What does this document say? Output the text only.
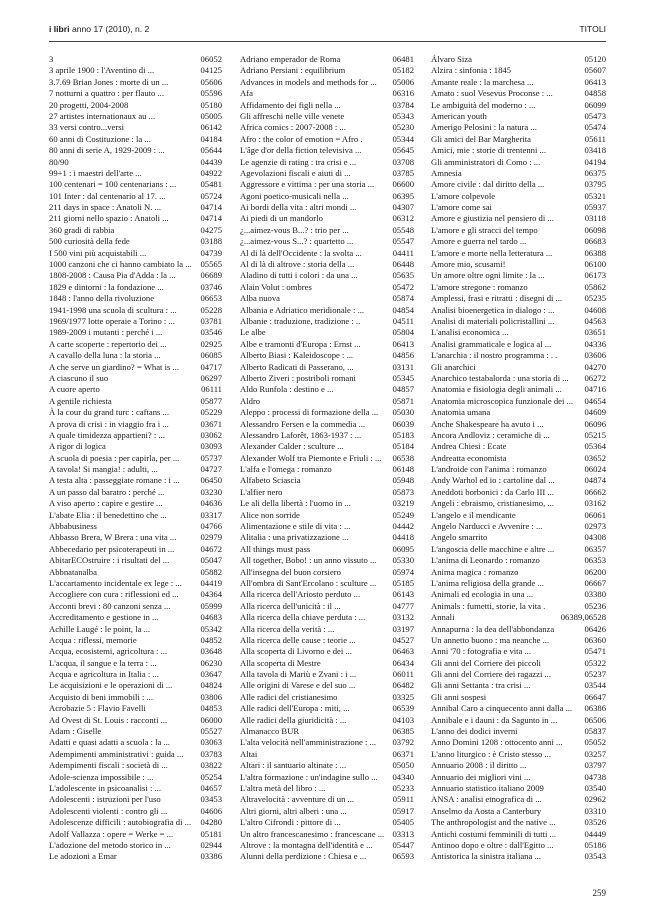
i libri anno 17 (2010), n. 2	TITOLI
3	06052
3 aprile 1900 : l'Aventino di ...	04125
3.7.69 Brian Jones : morte di un ...	05606
7 notturni a quattro : per flauto ...	05596
20 progetti, 2004-2008	05180
27 artistes internationaux au ...	05005
33 versi contro...versi	06142
60 anni di Costituzione : la ...	04184
80 anni di serie A, 1929-2009 : ...	05644
80/90	04439
99+1 : i maestri dell'arte ...	04922
100 centenari = 100 centenarians : ...	05481
101 Inter : dal centenario al 17. ...	05724
211 days in space : Anatoli N. ...	04714
211 giorni nello spazio : Anatoli ...	04714
360 gradi di rabbia	04275
500 curiosità della fede	03188
I 500 vini più acquistabili ...	04739
1000 canzoni che ci hanno cambiato la ... 05565
1808-2008 : Causa Pia d'Adda : la ...	06689
1829 e dintorni : la fondazione ...	03746
1848 : l'anno della rivoluzione	06653
1941-1998 una scuola di scultura : ...	05228
1969/1977 lotte operaie a Torino : ...	03781
1989-2009 i mutanti : perché i ...	03546
A carte scoperte : repertorio dei ...	02925
A cavallo della luna : la storia ...	06085
A che serve un giardino? = What is ... 04717
A ciascuno il suo	06297
A cuore aperto	06111
A gentile richiesta	05877
À la cour du grand turc : caftans ...	05229
A prova di crisi : in viaggio fra i ...	03671
A quale timidezza appartieni? : ...	03062
A rigor di logica	03093
A scuola di poesia : per capirla, per ... 05737
A tavola! Si mangia! : adulti, ...	04727
A testa alta : passeggiate romane : i ... 06450
A un passo dal baratro : perché ...	03230
A viso aperto : capire e gestire ...	04636
L'abate Elia : il benedettino che ...	03317
Abbabusiness	04766
Abbasso Brera, W Brera : una vita ...	02979
Abbecedario per psicoterapeuti in ...	04672
AbitarECOstruire : i risultati del ...	05047
Abbnatanalba	05882
L'accartamento incidentale ex lege : ... 04419
Accogliere con cura : riflessioni ed ...	04364
Acconti brevi : 80 canzoni senza ...	05999
Accreditamento e gestione in ...	04683
Achille Laugé : le point, la ...	05342
Acqua : riflessi, memorie	04852
Acqua, ecosistemi, agricoltura : ...	03648
L'acqua, il sangue e la terra : ...	06230
Acqua e agricoltura in Italia : ...	03647
Le acquisizioni e le operazioni di ...	04824
Acquisto di beni immobili : ...	03806
Acrobazie 5 : Flavio Favelli	04853
Ad Ovest di St. Louis : racconti ...	06000
Adam : Giselle	05527
Adatti e quasi adatti a scuola : la ...	03063
Adempimenti amministrativi : guida ... 03783
Adempimenti fiscali : società di ...	03822
Adole-scienza impossibile : ...	05254
L'adolescente in psicoanalisi : ...	04657
Adolescenti : istruzioni per l'uso	03453
Adolescenti violenti : contro gli ...	04606
Adolescenze difficili : autobiografia di ... 04280
Adolf Vallazza : opere = Werke = ...	05181
L'adozione del metodo storico in ...	02944
Le adozioni a Emar	03386
Adriano emperador de Roma	06481
Adriano Persiani : equilibrium	05182
Advances in models and methods for ... 05006
Afa	06316
Affidamento dei figli nella ...	03784
Gli affreschi nelle ville venete	05343
Africa comics : 2007-2008 : ...	05230
Afro : the color of emotion = Afro .	05344
L'âge d'or della fiction televisiva ...	05645
Le agenzie di rating : tra crisi e ...	03708
Agevolazioni fiscali e aiuti di ...	03785
Aggressore e vittima : per una storia ... 06600
Agoni poetico-musicali nella ...	06395
Ai bordi della vita : altri mondi ...	04307
Ai piedi di un mandorlo	06312
¿...aimez-vous B...? : trio per ...	05548
¿...aimez-vous S...? : quartetto ...	05547
Al di là dell'Occidente : la svolta ...	04411
Al di là di altrove : storia della ...	06448
Aladino di tutti i colori : da una ...	05635
Alain Volut : ombres	05472
Alba nuova	05874
Albania e Adriatico meridionale : ...	04854
Albanie : traduzione, tradizione : ..	04511
Le albe	05804
Albe e tramonti d'Europa : Ernst ...	06413
Alberto Biasi : Kaleidoscope : ...	04856
Alberto Radicati di Passerano, ...	03131
Alberto Ziveri : postriboli romani	05345
Aldo Runfola : destino e ...	04857
Aldro	05871
Aleppo : processi di formazione della ... 05030
Alessandro Fersen e la commedia ...	06039
Alessandro Laforêt, 1863-1937 : ...	05183
Alexander Calder : sculture ...	05184
Alexander Wolf tra Piemonte e Friuli : ... 06538
L'alfa e l'omega : romanzo	06148
Alfabeto Sciascia	05948
L'alfier nero	05873
Le ali della libertà : l'uomo in ...	03219
Alice non sorride	05249
Alimentazione e stile di vita : ...	04442
Alitalia : una privatizzazione ...	04418
All things must pass	06095
All together, Bobo! : un anno vissuto ... 05330
All'insegna del buon corsiero	05974
All'ombra di Sant'Ercolano : sculture ... 05185
Alla ricerca dell'Ariosto perduto ...	06143
Alla ricerca dell'unicità : il ...	04777
Alla ricerca della chiave perduta : ...	03132
Alla ricerca della verità : ...	03197
Alla ricerca delle cause : teorie ...	04527
Alla scoperta di Livorno e dei ...	06463
Alla scoperta di Mestre	06434
Alla tavola di Mariù e Zvani : i ...	06011
Alle origini di Varese e del suo ...	06482
Alle radici del cristianesimo	03325
Alle radici dell'Europa : miti, ...	06539
Alle radici della giuridicità : ...	04103
Almanacco BUR	06385
L'alta velocità nell'amministrazione : ... 03792
Altai	06371
Altari : il santuario altinate : ...	05050
L'altra formazione : un'indagine sullo ... 04340
L'altra metà del libro : ...	05233
Altravelocità : avventure di un ...	05911
Altri giorni, altri alberi : una ...	05917
L'altro Cifrondi : pittore di ...	05405
Un altro francescanesimo : francescane ... 03313
Altrove : la montagna dell'identità e ... 05447
Alunni della perdizione : Chiesa e ...	06593
Álvaro Siza	05120
Alzira : sinfonia : 1845	05607
Amante reale : la marchesa ...	06413
Amato : suol Vesevus Proconse : ...	04858
Le ambiguità del moderno : ...	06099
American youth	05473
Amerigo Pelosini : la natura ...	05474
Gli amici del Bar Margherita	05611
Amici, mie : storie di trentenni ...	03418
Gli amministratori di Como : ...	04194
Amnesia	06375
Amore civile : dal diritto della ...	03795
L'amore colpevole	05321
L'amore come sai	05937
Amore e giustizia nel pensiero di ...	03118
L'amore e gli stracci del tempo	06098
Amore e guerra nel tardo ...	06683
L'amore e morte nella letteratura ...	06388
Amore mio, scusami!	06100
Un amore oltre ogni limite : la ...	06173
L'amore stregone : romanzo	05862
Amplessi, frasi e ritratti : disegni di ...	05235
Analisi bioenergetica in dialogo : ...	04608
Analisi di materiali policristallini ...	04563
L'analisi economica ...	03651
Analisi grammaticale e logica al ...	04336
L'anarchia : il nostro programma : . .	03606
Gli anarchici	04270
Anarchico testabalorda : una storia di ... 06272
Anatomia e fisiologia degli animali ...	04716
Anatomia microscopica funzionale dei ... 04654
Anatomia umana	04609
Anche Shakespeare ha avuto i ...	06096
Ancora Andloviz : ceramiche di ...	05215
Andrea Chiesi : Ecate	05364
Andreatta economista	03652
L'androide con l'anima : romanzo	06024
Andy Warhol ed io : cartoline dal ...	04874
Aneddoti borbonici : da Carlo III ...	06662
Angeli : ebraismo, cristianesimo, ...	03162
L'angelo e il mendicante	06061
Angelo Narducci e Avvenire : ...	02973
Angelo smarrito	04308
L'angoscia delle macchine e altre ...	06357
L'anima di Leonardo : romanzo	06353
Anima magica : romanzo	06200
L'anima religiosa della grande ...	06667
Animali ed ecologia in una ...	03380
Animals : fumetti, storie, la vita .	05236
Annali	06389,06528
Annapurna : la dea dell'abbondanza	06426
Un annetto buono : ma neanche ...	06360
Anni '70 : fotografia e vita ...	05471
Gli anni del Corriere dei piccoli	05322
Gli anni del Corriere dei ragazzi ...	05237
Gli anni Settanta : tra crisi ...	03544
Gli anni sospesi	06647
Annibal Caro a cinquecento anni dalla ... 06386
Annibale e i dauni : da Sagunto in ...	06506
L'anno dei dodici inverni	05837
Anno Domini 1208 : ottocento anni ...	05052
L'anno liturgico : è Cristo stesso ...	03257
Annuario 2008 : il diritto ...	03797
Annuario dei migliori vini ...	04738
Annuario statistico italiano 2009	03540
ANSA : analisi etnografica di ...	02962
Anselmo da Aosta a Canterbury	03310
The anthropologist and the native ...	03526
Antichi costumi femminili di tutti ...	04449
Antinoo dopo e oltre : dall'Egitto ...	05186
Antistorica la sinistra italiana ...	03543
259
